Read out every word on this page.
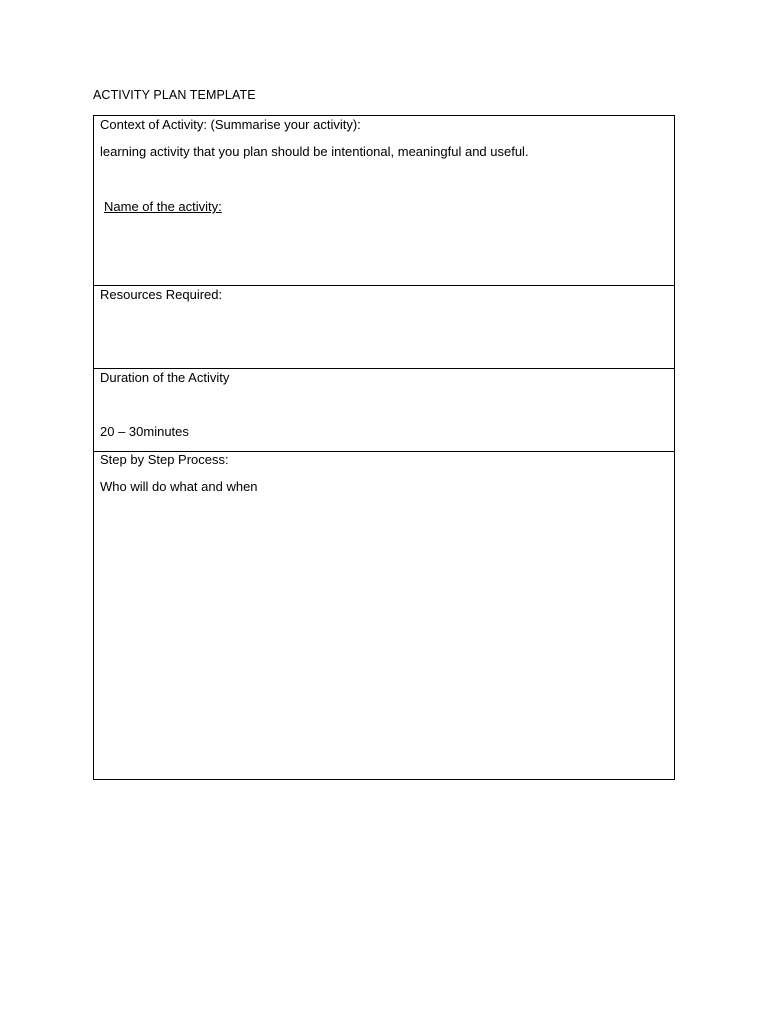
ACTIVITY PLAN TEMPLATE
Context of Activity: (Summarise your activity):
learning activity that you plan should be intentional, meaningful and useful.
Name of the activity:
Resources Required:
Duration of the Activity
20 – 30minutes
Step by Step Process:
Who will do what and when
